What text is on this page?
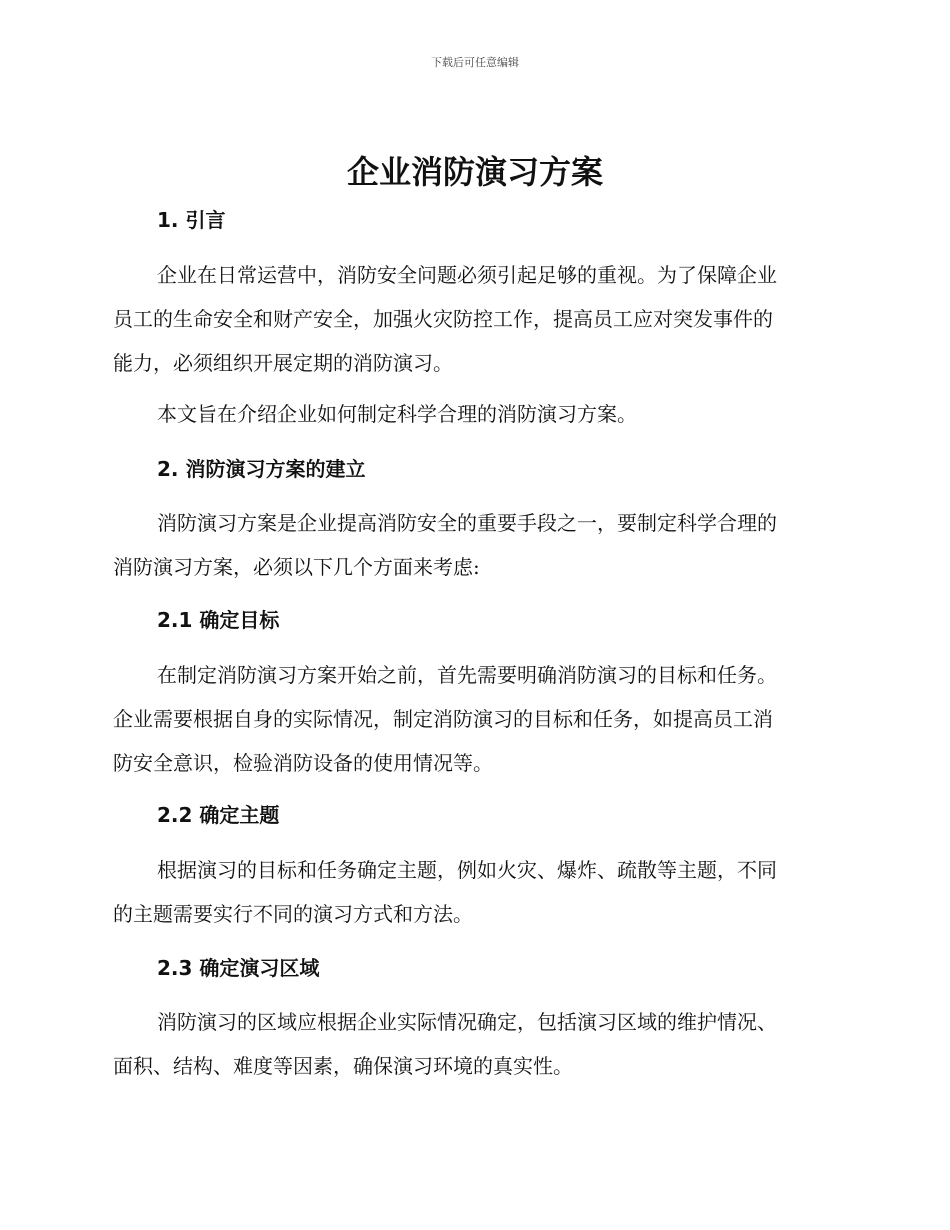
下载后可任意编辑
企业消防演习方案
1. 引言

企业在日常运营中，消防安全问题必须引起足够的重视。为了保障企业
员工的生命安全和财产安全，加强火灾防控工作，提高员工应对突发事件的
能力，必须组织开展定期的消防演习。

本文旨在介绍企业如何制定科学合理的消防演习方案。

2. 消防演习方案的建立

消防演习方案是企业提高消防安全的重要手段之一，要制定科学合理的
消防演习方案，必须以下几个方面来考虑:

2.1 确定目标

在制定消防演习方案开始之前，首先需要明确消防演习的目标和任务。
企业需要根据自身的实际情况，制定消防演习的目标和任务，如提高员工消
防安全意识，检验消防设备的使用情况等。

2.2 确定主题

根据演习的目标和任务确定主题，例如火灾、爆炸、疏散等主题，不同
的主题需要实行不同的演习方式和方法。

2.3 确定演习区域

消防演习的区域应根据企业实际情况确定，包括演习区域的维护情况、
面积、结构、难度等因素，确保演习环境的真实性。
